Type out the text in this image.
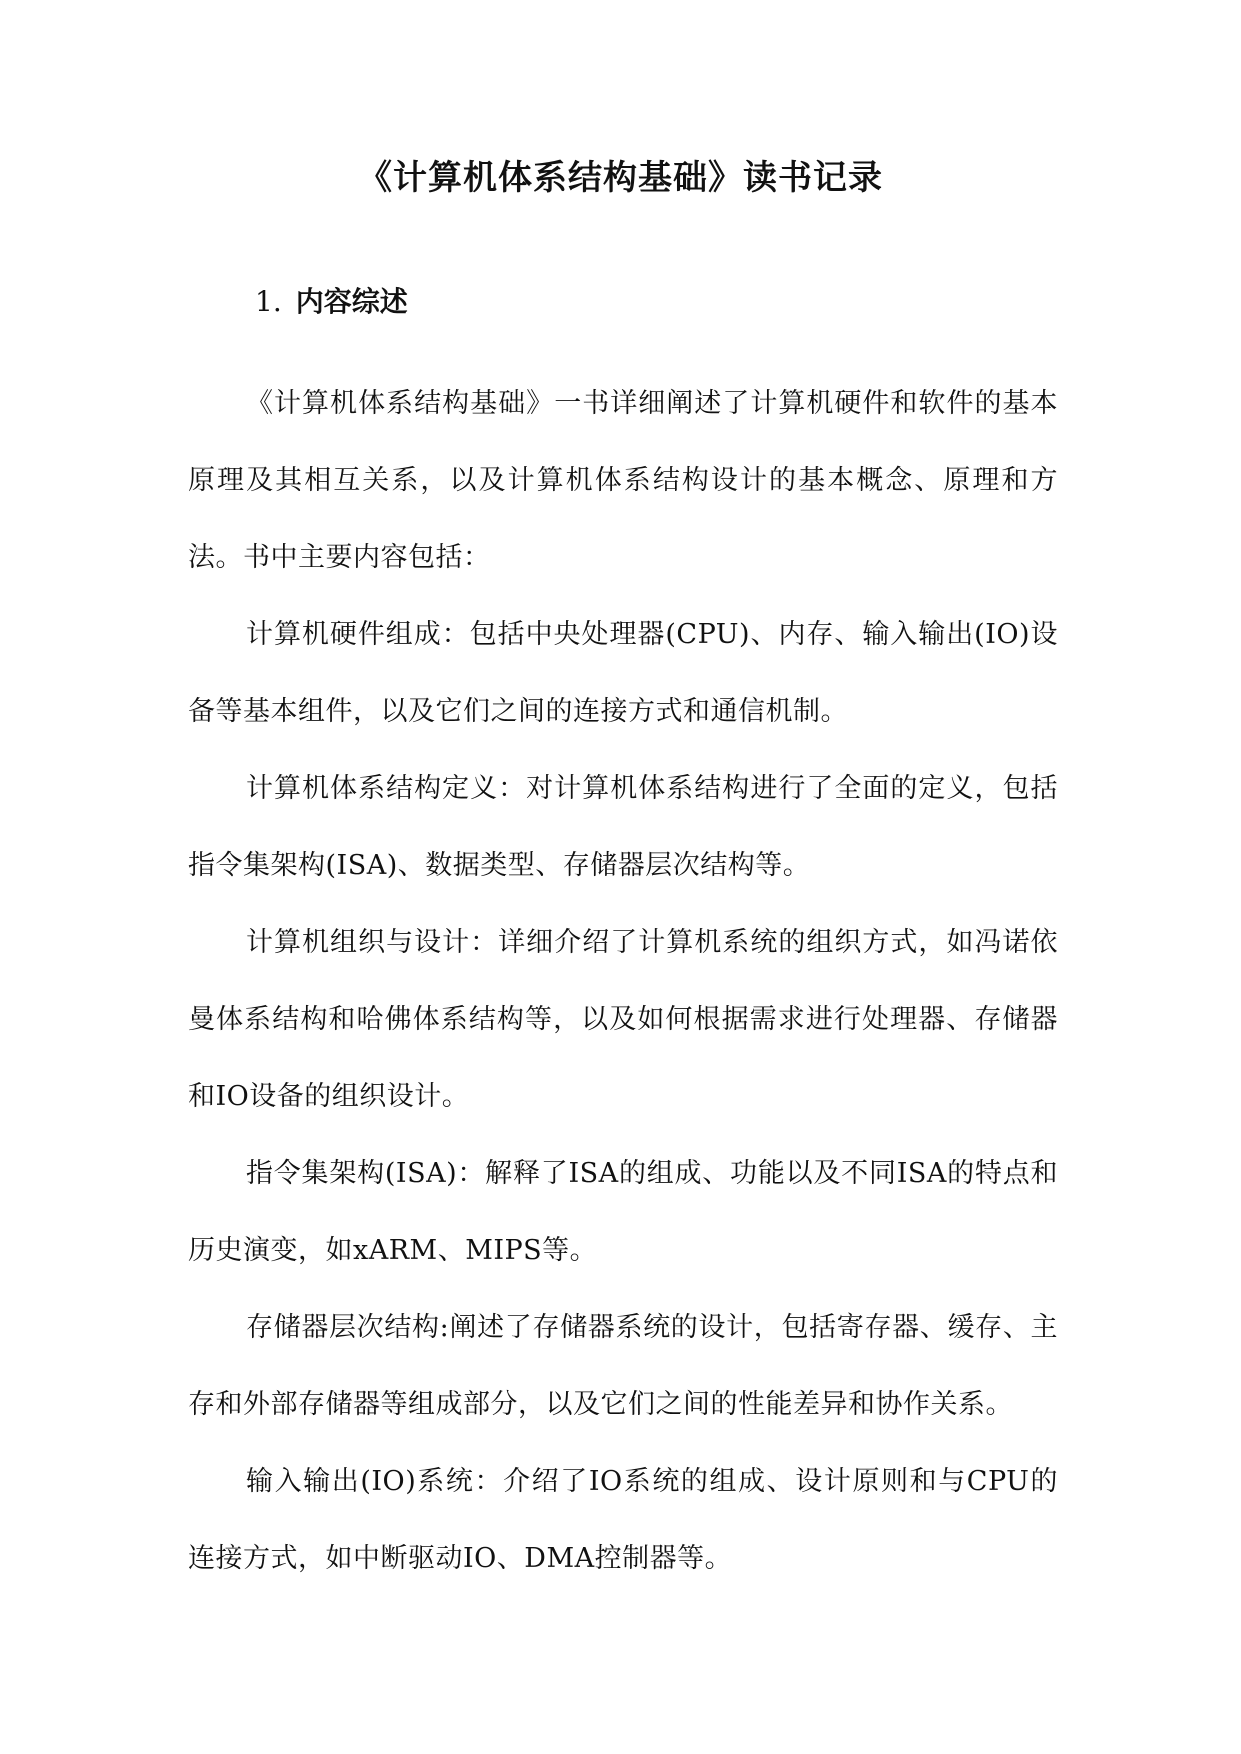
《计算机体系结构基础》读书记录
1. 内容综述

《计算机体系结构基础》一书详细阐述了计算机硬件和软件的基本原理及其相互关系，以及计算机体系结构设计的基本概念、原理和方法。书中主要内容包括：

计算机硬件组成：包括中央处理器(CPU)、内存、输入输出(IO)设备等基本组件，以及它们之间的连接方式和通信机制。

计算机体系结构定义：对计算机体系结构进行了全面的定义，包括指令集架构(ISA)、数据类型、存储器层次结构等。

计算机组织与设计：详细介绍了计算机系统的组织方式，如冯诺依曼体系结构和哈佛体系结构等，以及如何根据需求进行处理器、存储器和IO设备的组织设计。

指令集架构(ISA)：解释了ISA的组成、功能以及不同ISA的特点和历史演变，如xARM、MIPS等。

存储器层次结构:阐述了存储器系统的设计，包括寄存器、缓存、主存和外部存储器等组成部分，以及它们之间的性能差异和协作关系。

输入输出(IO)系统：介绍了IO系统的组成、设计原则和与CPU的连接方式，如中断驱动IO、DMA控制器等。
